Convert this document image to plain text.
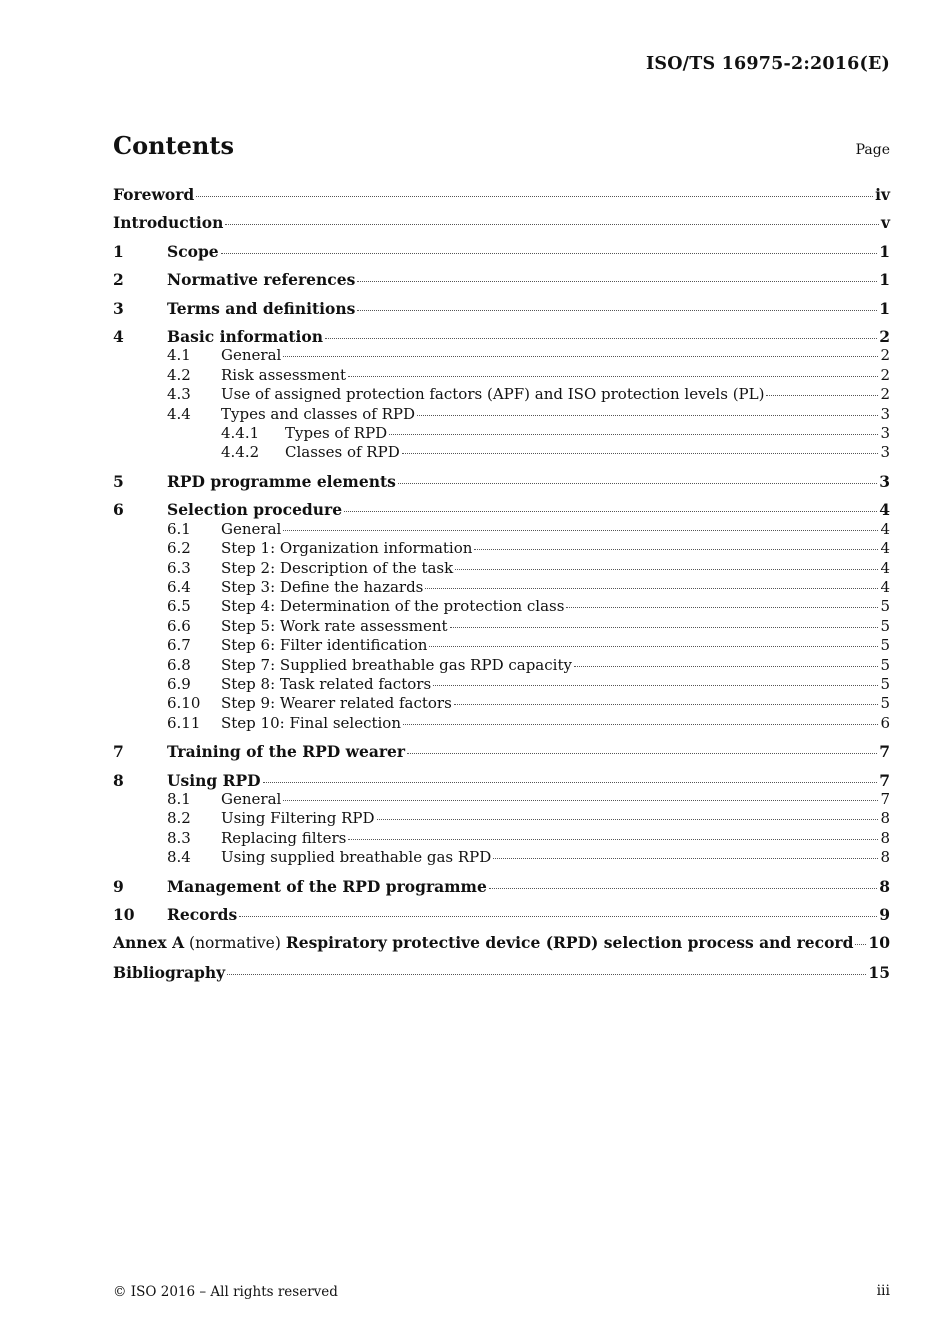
ISO/TS 16975-2:2016(E)
Contents	Page
Foreword	iv
Introduction	v
1	Scope	1
2	Normative references	1
3	Terms and definitions	1
4	Basic information	2
4.1	General	2
4.2	Risk assessment	2
4.3	Use of assigned protection factors (APF) and ISO protection levels (PL)	2
4.4	Types and classes of RPD	3
4.4.1	Types of RPD	3
4.4.2	Classes of RPD	3
5	RPD programme elements	3
6	Selection procedure	4
6.1	General	4
6.2	Step 1: Organization information	4
6.3	Step 2: Description of the task	4
6.4	Step 3: Define the hazards	4
6.5	Step 4: Determination of the protection class	5
6.6	Step 5: Work rate assessment	5
6.7	Step 6: Filter identification	5
6.8	Step 7: Supplied breathable gas RPD capacity	5
6.9	Step 8: Task related factors	5
6.10	Step 9: Wearer related factors	5
6.11	Step 10: Final selection	6
7	Training of the RPD wearer	7
8	Using RPD	7
8.1	General	7
8.2	Using Filtering RPD	8
8.3	Replacing filters	8
8.4	Using supplied breathable gas RPD	8
9	Management of the RPD programme	8
10	Records	9
Annex A (normative) Respiratory protective device (RPD) selection process and record 10
Bibliography	15
© ISO 2016 – All rights reserved	iii
